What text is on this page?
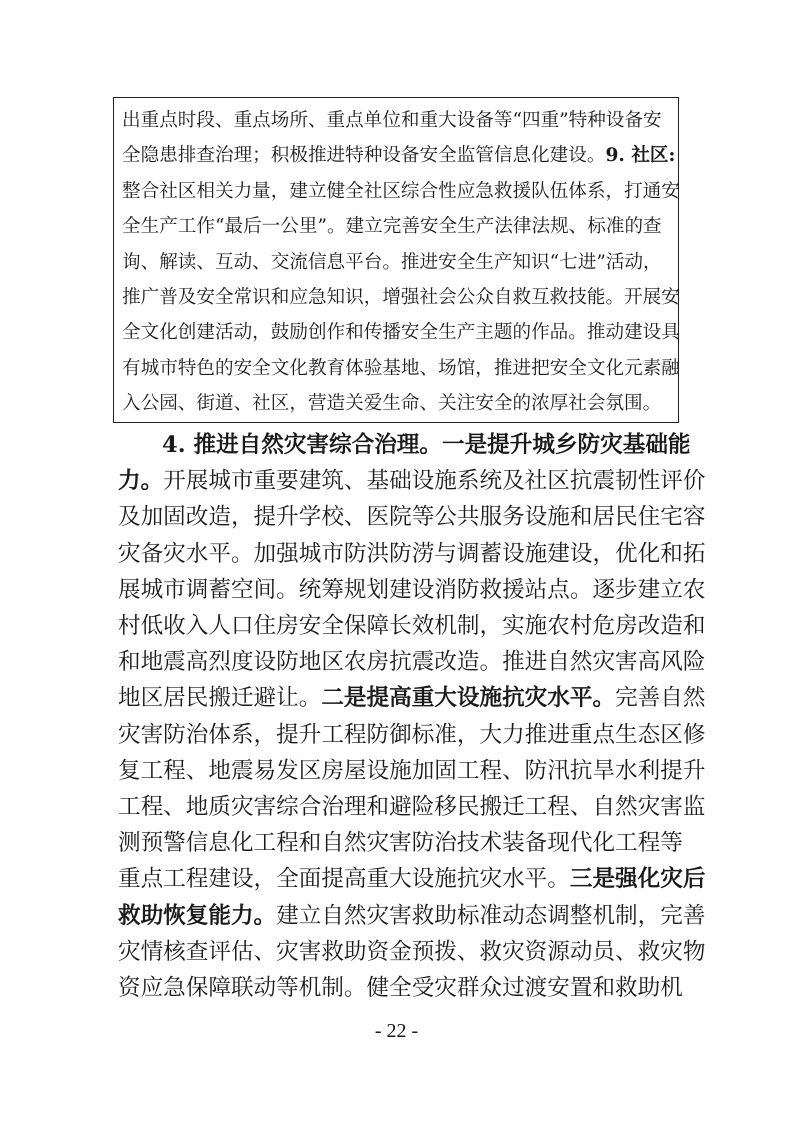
出重点时段、重点场所、重点单位和重大设备等“四重”特种设备安
全隐患排查治理；积极推进特种设备安全监管信息化建设。9. 社区:
整合社区相关力量，建立健全社区综合性应急救援队伍体系，打通安
全生产工作“最后一公里”。建立完善安全生产法律法规、标准的查
询、解读、互动、交流信息平台。推进安全生产知识“七进”活动，
推广普及安全常识和应急知识，增强社会公众自救互救技能。开展安
全文化创建活动，鼓励创作和传播安全生产主题的作品。推动建设具
有城市特色的安全文化教育体验基地、场馆，推进把安全文化元素融
入公园、街道、社区，营造关爱生命、关注安全的浓厚社会氛围。
4. 推进自然灾害综合治理。一是提升城乡防灾基础能
力。开展城市重要建筑、基础设施系统及社区抗震韧性评价
及加固改造，提升学校、医院等公共服务设施和居民住宅容
灾备灾水平。加强城市防洪防涝与调蓄设施建设，优化和拓
展城市调蓄空间。统筹规划建设消防救援站点。逐步建立农
村低收入人口住房安全保障长效机制，实施农村危房改造和
和地震高烈度设防地区农房抗震改造。推进自然灾害高风险
地区居民搬迁避让。二是提高重大设施抗灾水平。完善自然
灾害防治体系，提升工程防御标准，大力推进重点生态区修
复工程、地震易发区房屋设施加固工程、防汛抗旱水利提升
工程、地质灾害综合治理和避险移民搬迁工程、自然灾害监
测预警信息化工程和自然灾害防治技术装备现代化工程等
重点工程建设，全面提高重大设施抗灾水平。三是强化灾后
救助恢复能力。建立自然灾害救助标准动态调整机制，完善
灾情核查评估、灾害救助资金预拨、救灾资源动员、救灾物
资应急保障联动等机制。健全受灾群众过渡安置和救助机
- 22 -
